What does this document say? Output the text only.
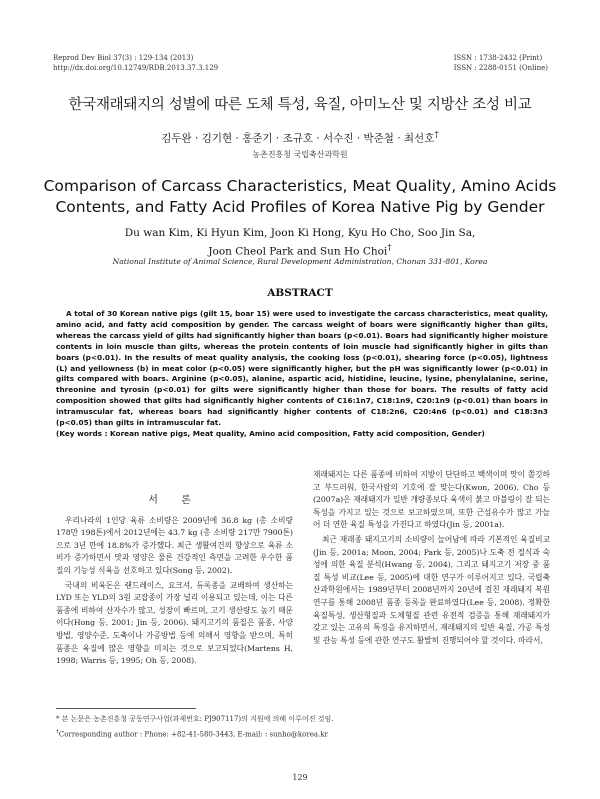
Reprod Dev Biol 37(3) : 129-134 (2013)
http://dx.doi.org/10.12749/RDB.2013.37.3.129
ISSN : 1738-2432 (Print)
ISSN : 2288-0151 (Online)
한국재래돼지의 성별에 따른 도체 특성, 육질, 아미노산 및 지방산 조성 비교
김두완 · 김기현 · 홍준기 · 조규호 · 서수진 · 박준철 · 최선호†
농촌진흥청 국립축산과학원
Comparison of Carcass Characteristics, Meat Quality, Amino Acids Contents, and Fatty Acid Profiles of Korea Native Pig by Gender
Du wan Kim, Ki Hyun Kim, Joon Ki Hong, Kyu Ho Cho, Soo Jin Sa,
Joon Cheol Park and Sun Ho Choi†
National Institute of Animal Science, Rural Development Administration, Chonan 331-801, Korea
ABSTRACT

A total of 30 Korean native pigs (gilt 15, boar 15) were used to investigate the carcass characteristics, meat quality, amino acid, and fatty acid composition by gender. The carcass weight of boars were significantly higher than gilts, whereas the carcass yield of gilts had significantly higher than boars (p<0.01). Boars had significantly higher moisture contents in loin muscle than gilts, whereas the protein contents of loin muscle had significantly higher in gilts than boars (p<0.01). In the results of meat quality analysis, the cooking loss (p<0.01), shearing force (p<0.05), lightness (L) and yellowness (b) in meat color (p<0.05) were significantly higher, but the pH was significantly lower (p<0.01) in gilts compared with boars. Arginine (p<0.05), alanine, aspartic acid, histidine, leucine, lysine, phenylalanine, serine, threonine and tyrosin (p<0.01) for gilts were significantly higher than those for boars. The results of fatty acid composition showed that gilts had significantly higher contents of C16:1n7, C18:1n9, C20:1n9 (p<0.01) than boars in intramuscular fat, whereas boars had significantly higher contents of C18:2n6, C20:4n6 (p<0.01) and C18:3n3 (p<0.05) than gilts in intramuscular fat.

(Key words : Korean native pigs, Meat quality, Amino acid composition, Fatty acid composition, Gender)

서 론

우리나라의 1인당 육류 소비량은 2009년에 36.8 kg (총 소비량 178만 198톤)에서 2012년에는 43.7 kg (총 소비량 217만 7900톤)으로 3년 만에 18.8%가 증가했다. 최근 생활여건의 향상으로 육류 소비가 증가하면서 맛과 영양은 물론 건강적인 측면을 고려한 우수한 품질의 기능성 식육을 선호하고 있다(Song 등, 2002).

국내의 비육돈은 랜드레이스, 요크셔, 듀록종을 교배하여 생산하는 LYD 또는 YLD의 3원 교잡종이 가장 널리 이용되고 있는데, 이는 다른 품종에 비하여 산자수가 많고, 성장이 빠르며, 고기 생산량도 높기 때문이다(Hong 등, 2001; Jin 등, 2006). 돼지고기의 품질은 품종, 사양방법, 영양수준, 도축이나 가공방법 등에 의해서 영향을 받으며, 특히 품종은 육질에 많은 영향을 미치는 것으로 보고되었다(Martens H, 1998; Warris 등, 1995; Oh 등, 2008).

재래돼지는 다른 품종에 비하여 지방이 단단하고 백색이며 맛이 쫄깃하고 부드러워, 한국사람의 기호에 잘 맞는다(Kwon, 2006). Cho 등(2007a)은 재래돼지가 일반 개량종보다 육색이 붉고 마블링이 잘 되는 특성을 가지고 있는 것으로 보고하였으며, 또한 근섬유수가 많고 가늘어 더 연한 육질 특성을 가진다고 하였다(Jin 등, 2001a).

최근 재래종 돼지고기의 소비량이 늘어남에 따라 기본적인 육질비교(Jin 등, 2001a; Moon, 2004; Park 등, 2005)나 도축 전 절식과 숙성에 의한 육질 분석(Hwang 등, 2004), 그리고 돼지고기 저장 중 품질 특성 비교(Lee 등, 2005)에 대한 연구가 이루어지고 있다. 국립축산과학원에서는 1989년부터 2008년까지 20년에 걸친 재래돼지 복원 연구를 통해 2008년 품종 등록을 완료하였다(Lee 등, 2008). 정확한 육질특성, 생산형질과 도체형질 관련 유전적 검증을 통해 재래돼지가 갖고 있는 고유의 특징을 유지하면서, 재래돼지의 일반 육질, 가공 특성 및 관능 특성 등에 관한 연구도 활발히 진행되어야 할 것이다. 따라서,

* 본 논문은 농촌진흥청 공동연구사업(과제번호: PJ907117)의 지원에 의해 이루어진 것임.
†Corresponding author : Phone: +82-41-580-3443, E-mail: : sunho@korea.kr
129
